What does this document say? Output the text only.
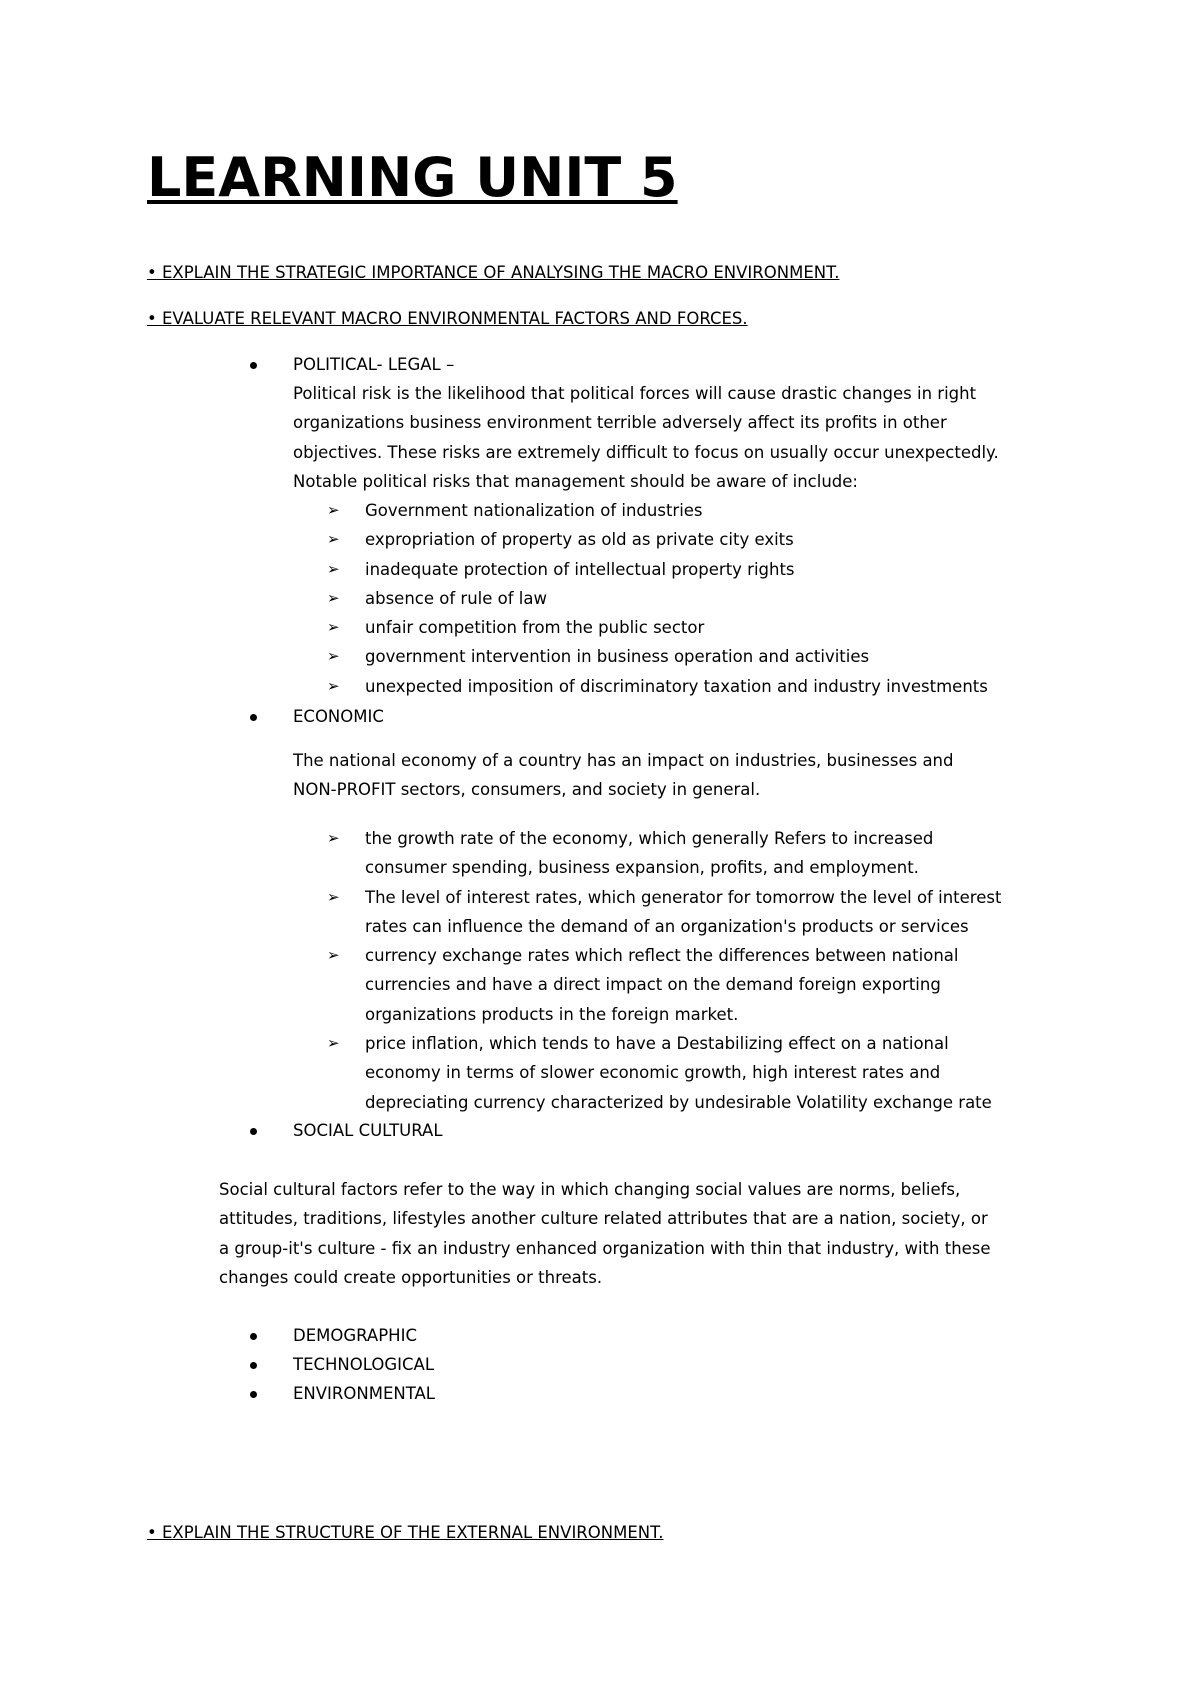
LEARNING UNIT 5

• EXPLAIN THE STRATEGIC IMPORTANCE OF ANALYSING THE MACRO ENVIRONMENT.

• EVALUATE RELEVANT MACRO ENVIRONMENTAL FACTORS AND FORCES.

POLITICAL- LEGAL –
Political risk is the likelihood that political forces will cause drastic changes in right
organizations business environment terrible adversely affect its profits in other
objectives. These risks are extremely difficult to focus on usually occur unexpectedly.
Notable political risks that management should be aware of include:
➢ Government nationalization of industries
➢ expropriation of property as old as private city exits
➢ inadequate protection of intellectual property rights
➢ absence of rule of law
➢ unfair competition from the public sector
➢ government intervention in business operation and activities
➢ unexpected imposition of discriminatory taxation and industry investments
ECONOMIC
The national economy of a country has an impact on industries, businesses and
NON-PROFIT sectors, consumers, and society in general.
➢ the growth rate of the economy, which generally Refers to increased
consumer spending, business expansion, profits, and employment.
➢ The level of interest rates, which generator for tomorrow the level of interest
rates can influence the demand of an organization's products or services
➢ currency exchange rates which reflect the differences between national
currencies and have a direct impact on the demand foreign exporting
organizations products in the foreign market.
➢ price inflation, which tends to have a Destabilizing effect on a national
economy in terms of slower economic growth, high interest rates and
depreciating currency characterized by undesirable Volatility exchange rate
SOCIAL CULTURAL
Social cultural factors refer to the way in which changing social values are norms, beliefs,
attitudes, traditions, lifestyles another culture related attributes that are a nation, society, or
a group-it's culture - fix an industry enhanced organization with thin that industry, with these
changes could create opportunities or threats.
DEMOGRAPHIC
TECHNOLOGICAL
ENVIRONMENTAL

• EXPLAIN THE STRUCTURE OF THE EXTERNAL ENVIRONMENT.
